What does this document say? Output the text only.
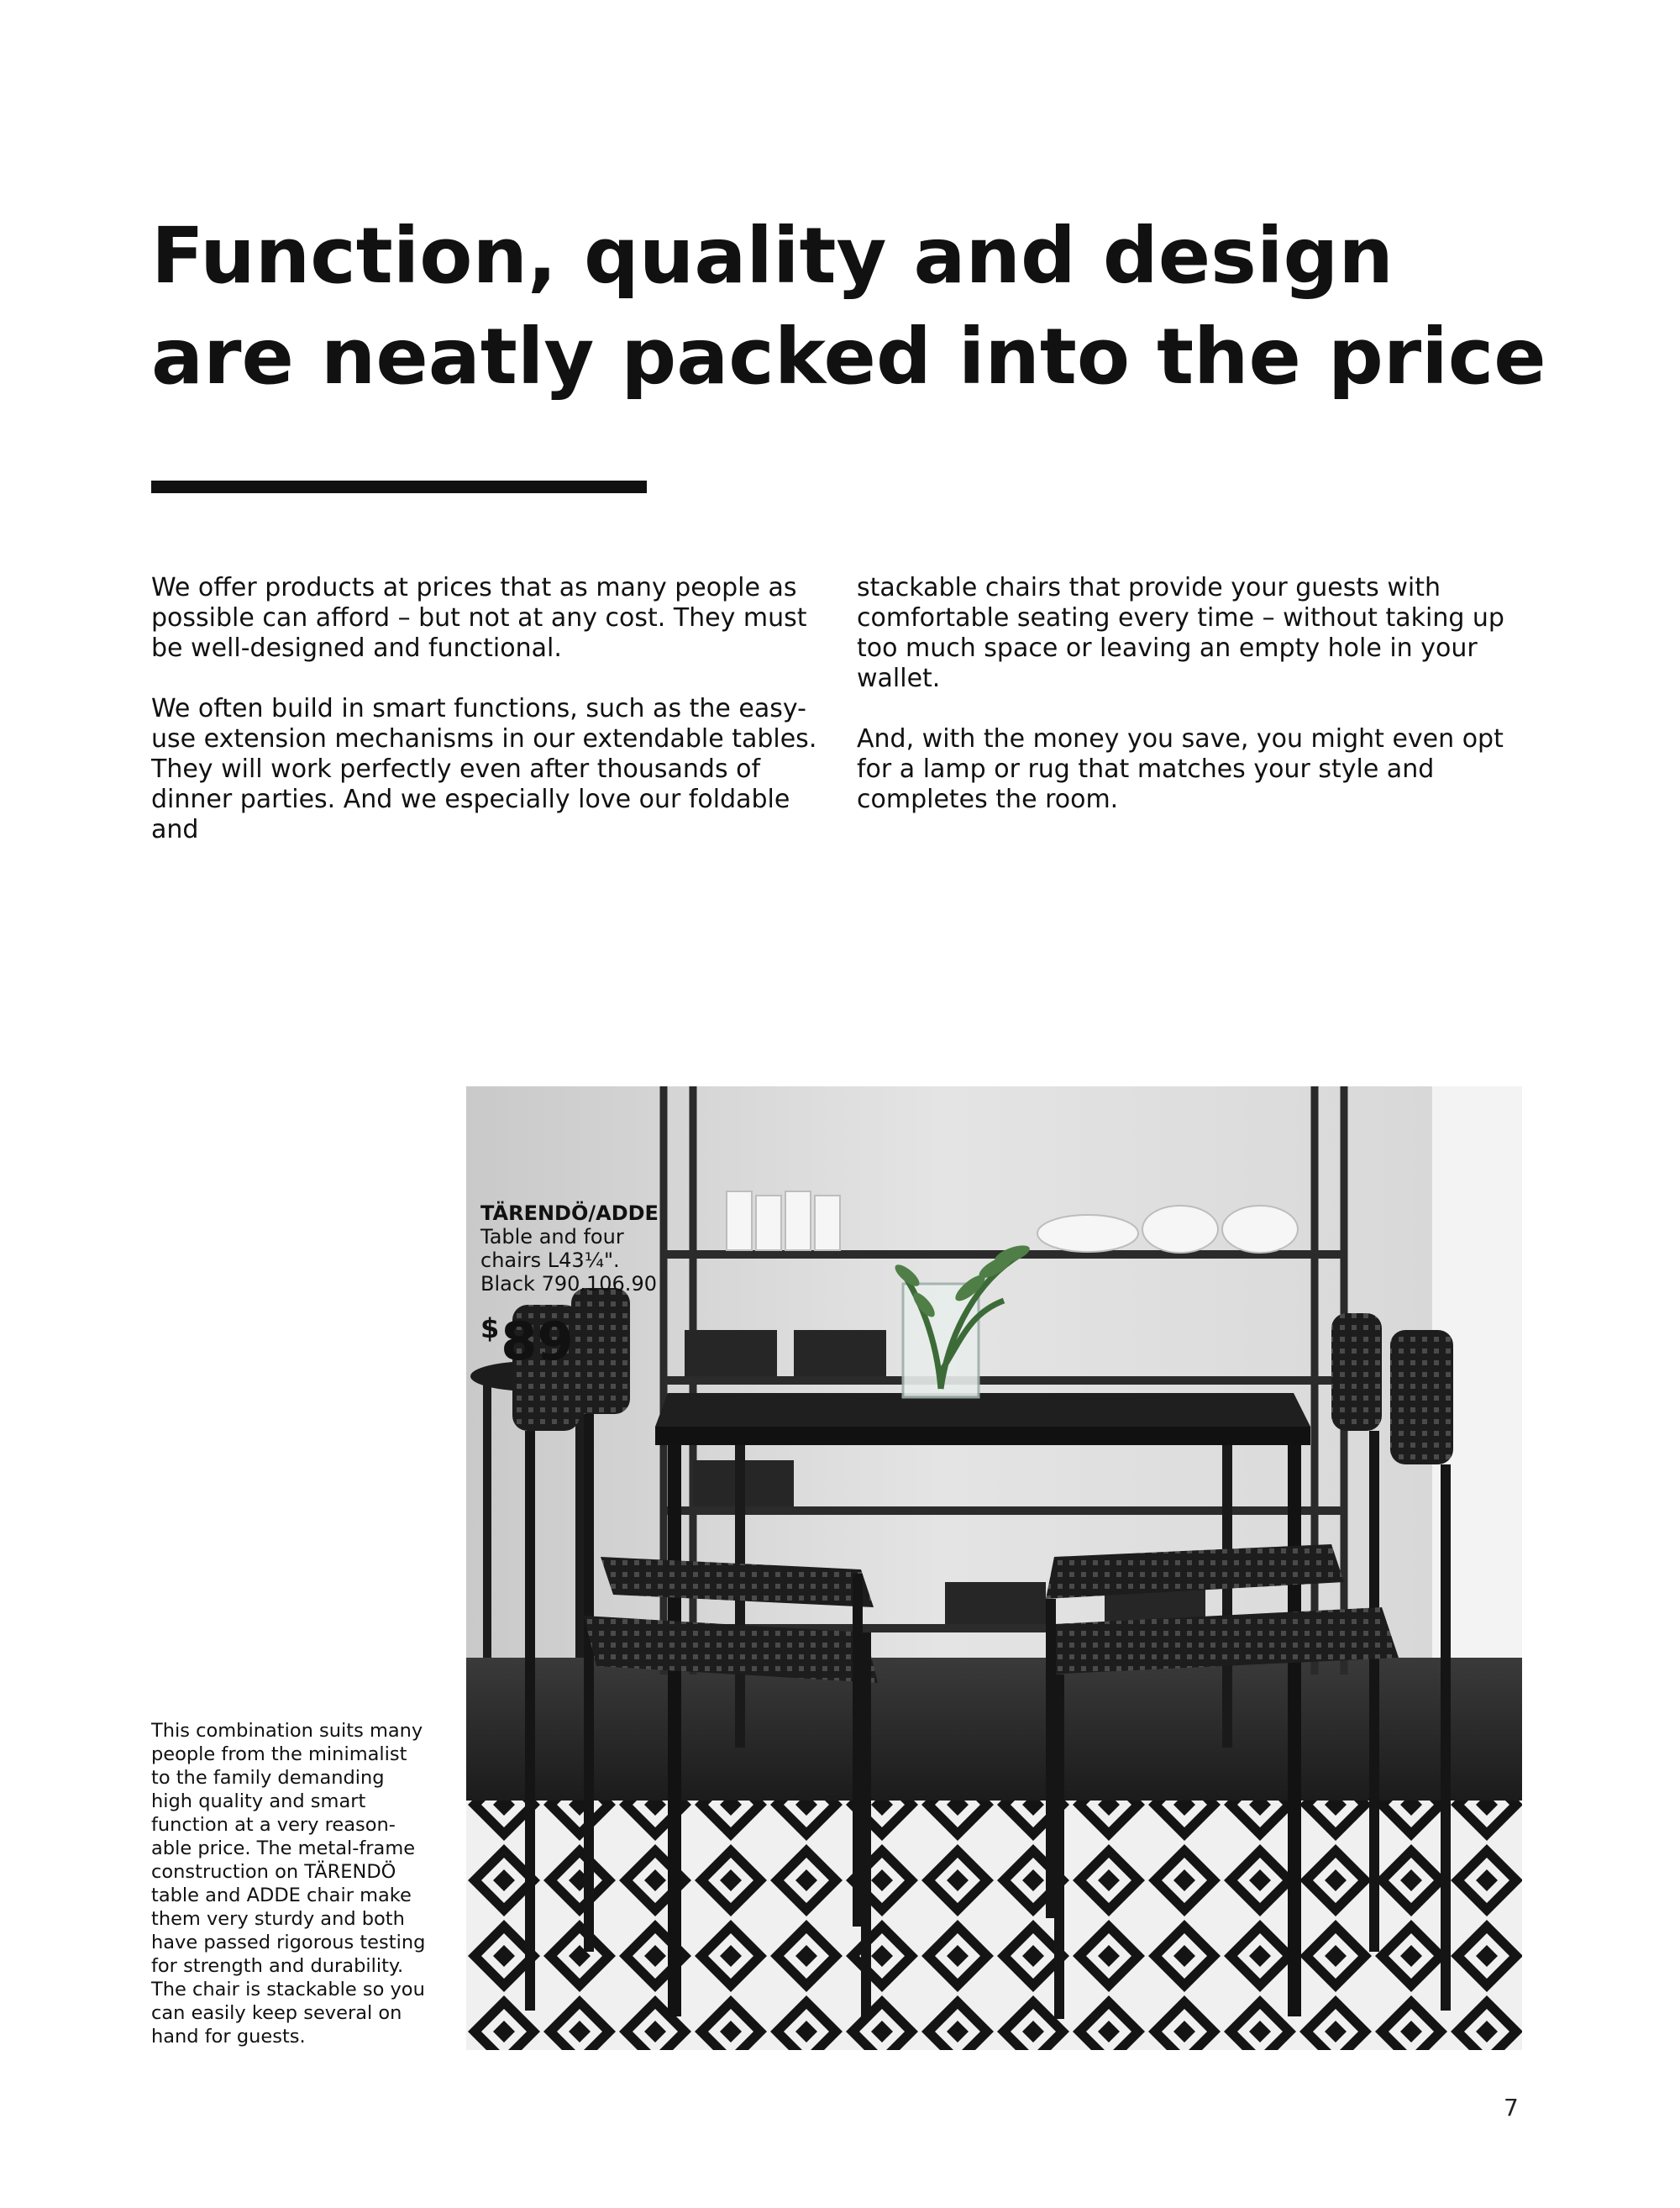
Function, quality and design
are neatly packed into the price

We offer products at prices that as many people as possible can afford – but not at any cost. They must be well-designed and functional.

We often build in smart functions, such as the easy-use extension mechanisms in our extendable tables. They will work perfectly even after thousands of dinner parties. And we especially love our foldable and

stackable chairs that provide your guests with comfortable seating every time – without taking up too much space or leaving an empty hole in your wallet.

And, with the money you save, you might even opt for a lamp or rug that matches your style and completes the room.

TÄRENDÖ/ADDE
Table and four
chairs L43¼".
Black 790.106.90
$89
This combination suits many
people from the minimalist
to the family demanding
high quality and smart
function at a very reason-
able price. The metal-frame
construction on TÄRENDÖ
table and ADDE chair make
them very sturdy and both
have passed rigorous testing
for strength and durability.
The chair is stackable so you
can easily keep several on
hand for guests.
7
